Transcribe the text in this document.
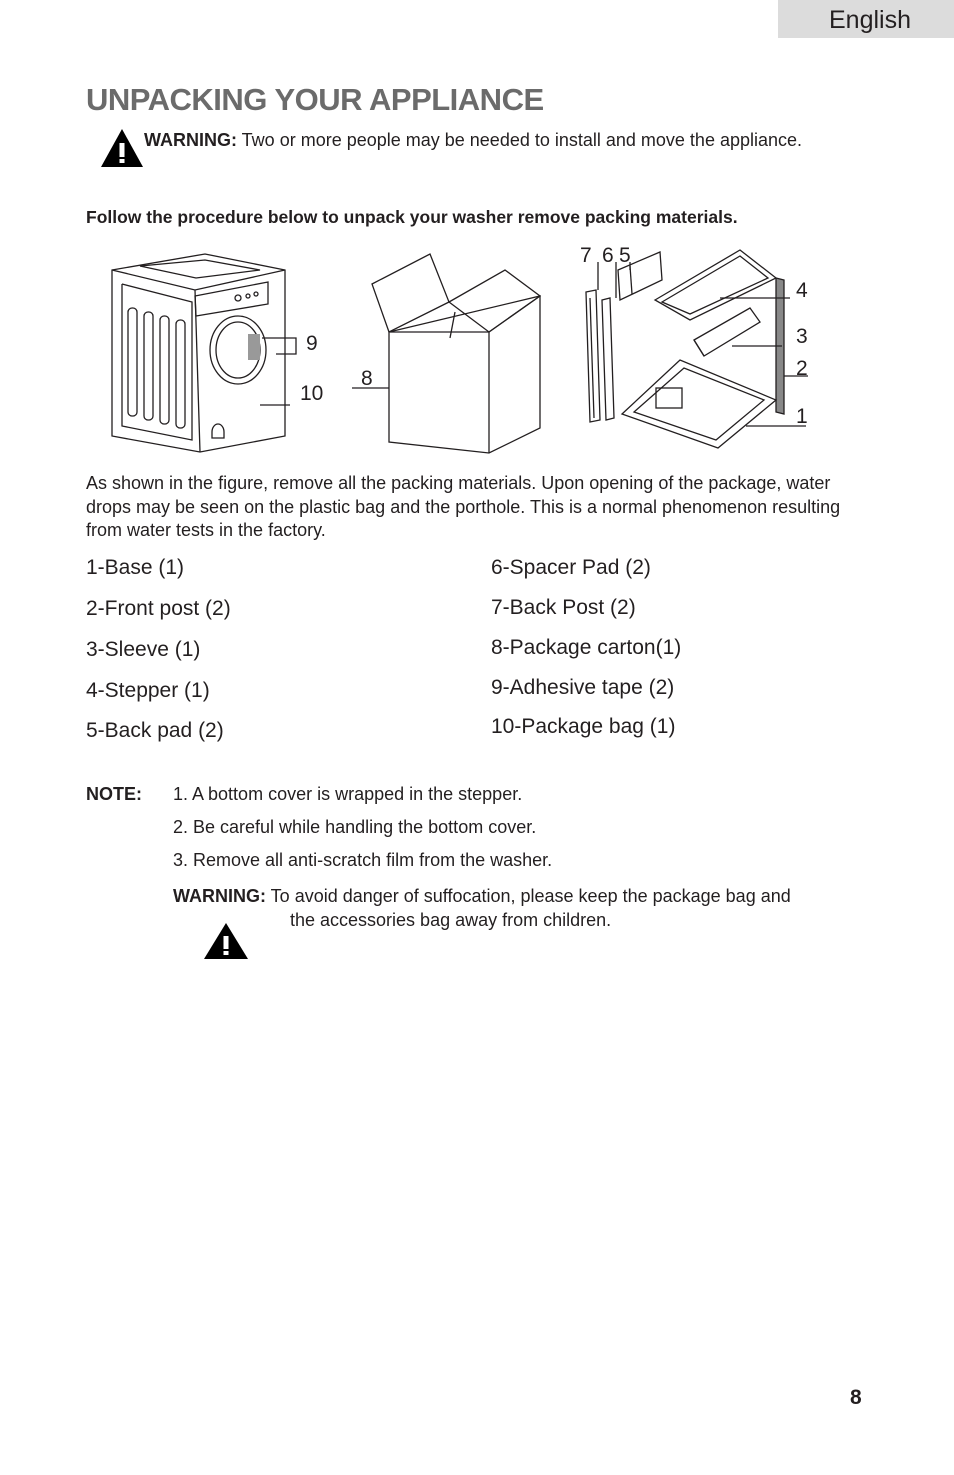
English
UNPACKING YOUR APPLIANCE
WARNING: Two or more people may be needed to install and move the appliance.
Follow the procedure below to unpack your washer remove packing materials.
9
10
8
7 6 5
4
3
2
1

As shown in the figure, remove all the packing materials. Upon opening of the package, water drops may be seen on the plastic bag and the porthole. This is a normal phenomenon resulting from water tests in the factory.

1-Base (1)
2-Front post (2)
3-Sleeve (1)
4-Stepper (1)
5-Back pad (2)
6-Spacer Pad (2)
7-Back Post (2)
8-Package carton(1)
9-Adhesive tape (2)
10-Package bag (1)
NOTE: 1. A bottom cover is wrapped in the stepper.
2. Be careful while handling the bottom cover.
3. Remove all anti-scratch film from the washer.
WARNING: To avoid danger of suffocation, please keep the package bag and
the accessories bag away from children.
8
